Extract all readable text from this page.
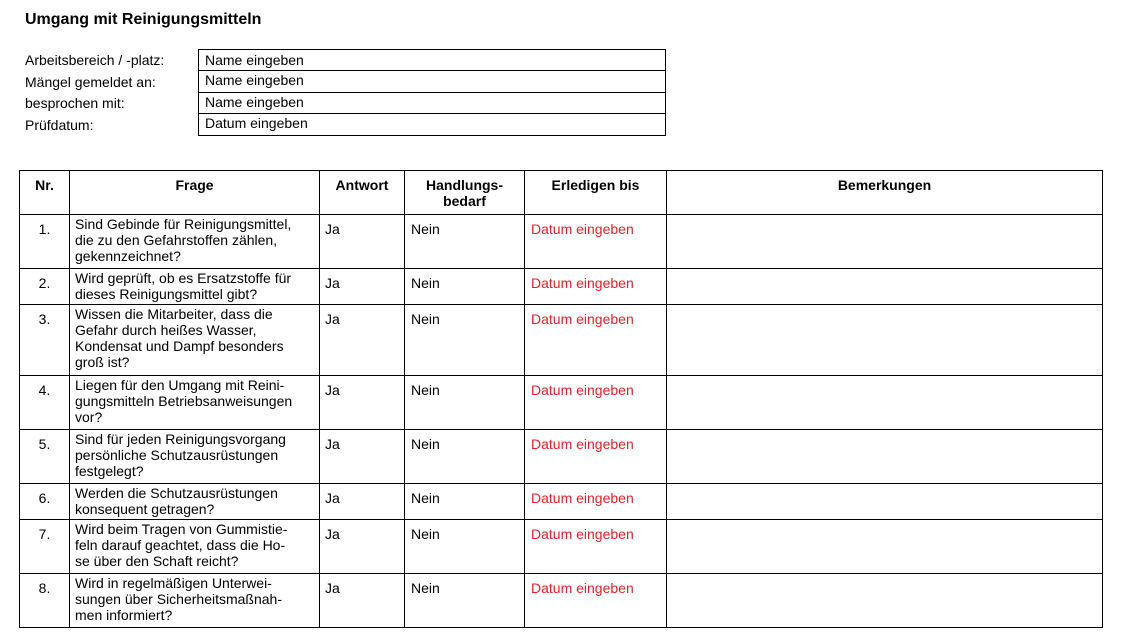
Umgang mit Reinigungsmitteln
Arbeitsbereich / -platz:	Name eingeben
Mängel gemeldet an:	Name eingeben
besprochen mit:	Name eingeben
Prüfdatum:	Datum eingeben
Nr.	Frage	Antwort	Handlungs-
bedarf	Erledigen bis	Bemerkungen
1.	Sind Gebinde für Reinigungsmittel,
die zu den Gefahrstoffen zählen,
gekennzeichnet?	Ja	Nein	Datum eingeben	
2.	Wird geprüft, ob es Ersatzstoffe für
dieses Reinigungsmittel gibt?	Ja	Nein	Datum eingeben	
3.	Wissen die Mitarbeiter, dass die
Gefahr durch heißes Wasser,
Kondensat und Dampf besonders
groß ist?	Ja	Nein	Datum eingeben	
4.	Liegen für den Umgang mit Reini-
gungsmitteln Betriebsanweisungen
vor?	Ja	Nein	Datum eingeben	
5.	Sind für jeden Reinigungsvorgang
persönliche Schutzausrüstungen
festgelegt?	Ja	Nein	Datum eingeben	
6.	Werden die Schutzausrüstungen
konsequent getragen?	Ja	Nein	Datum eingeben	
7.	Wird beim Tragen von Gummistie-
feln darauf geachtet, dass die Ho-
se über den Schaft reicht?	Ja	Nein	Datum eingeben	
8.	Wird in regelmäßigen Unterwei-
sungen über Sicherheitsmaßnah-
men informiert?	Ja	Nein	Datum eingeben	
